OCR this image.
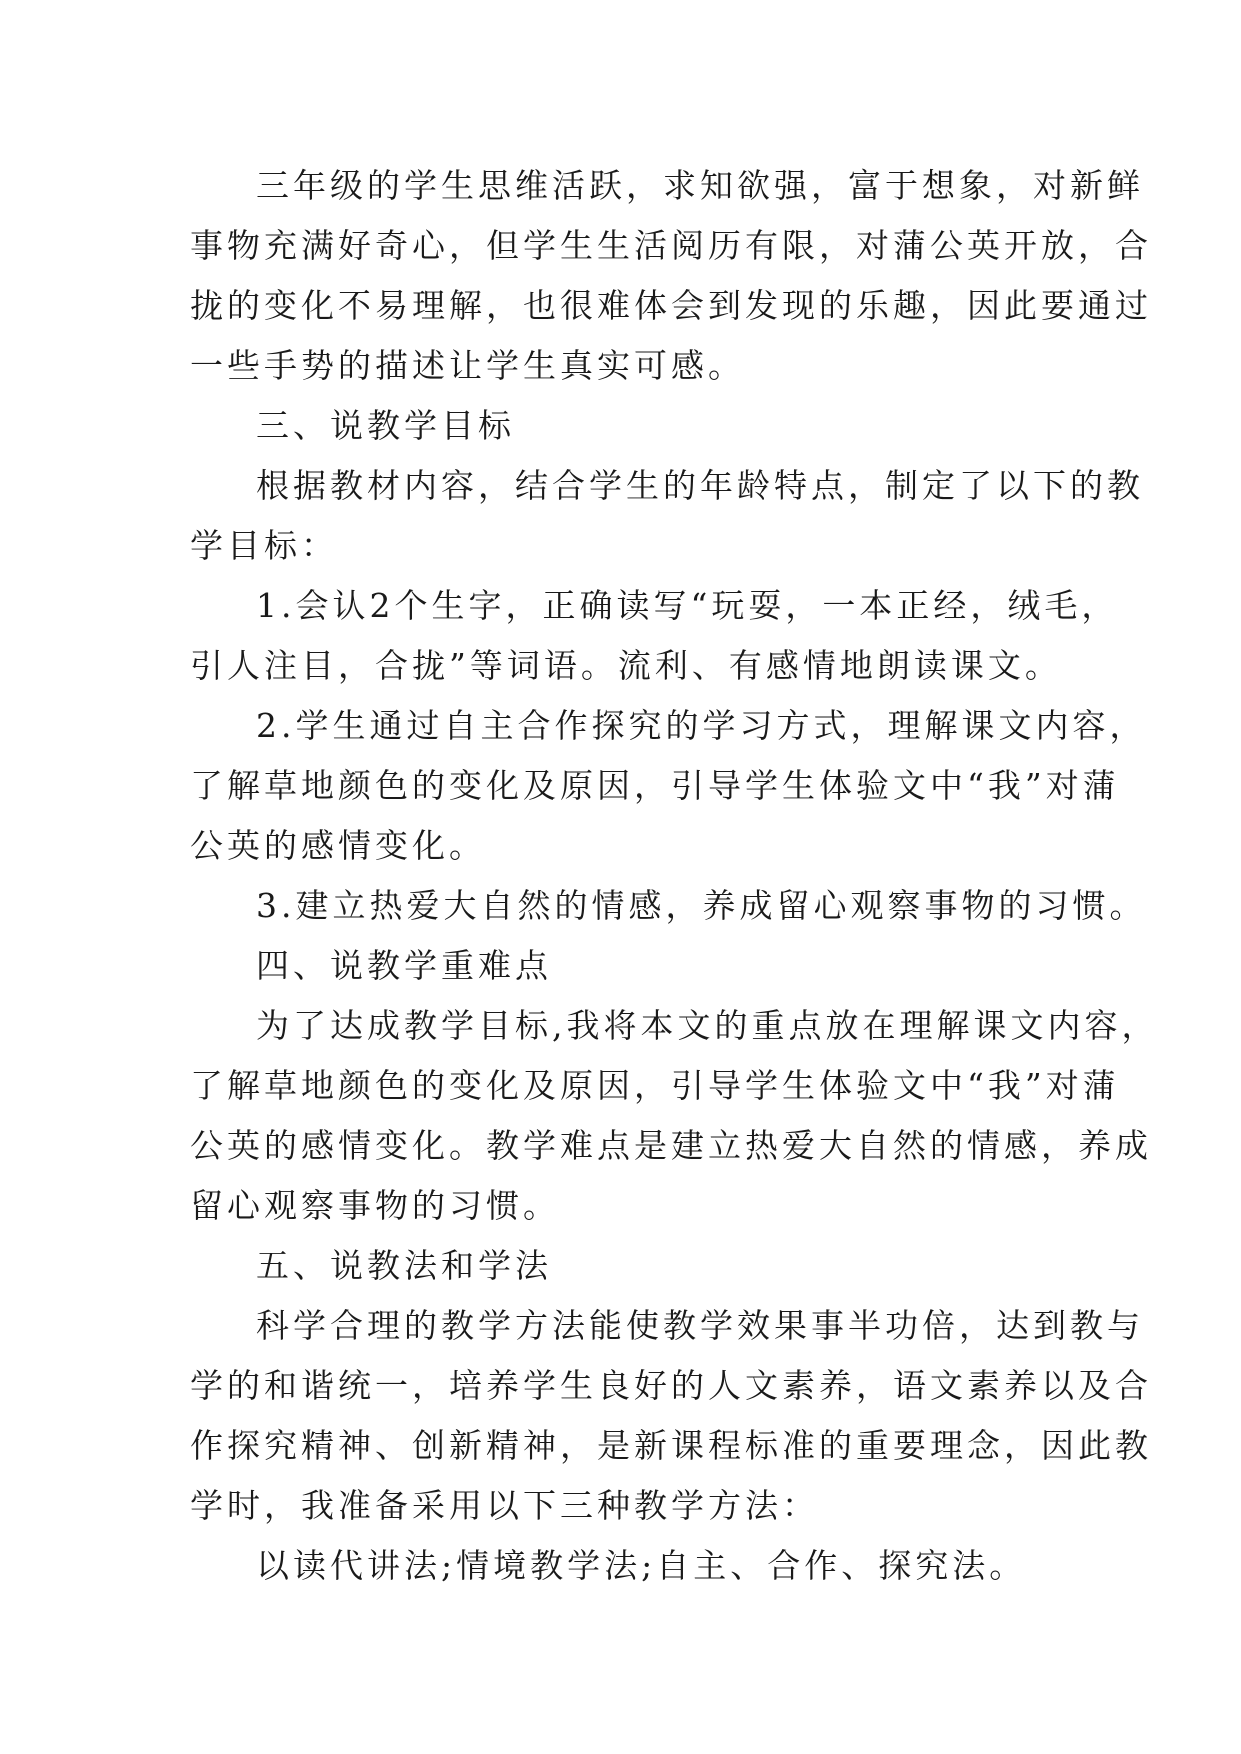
三年级的学生思维活跃，求知欲强，富于想象，对新鲜
事物充满好奇心，但学生生活阅历有限，对蒲公英开放，合
拢的变化不易理解，也很难体会到发现的乐趣，因此要通过
一些手势的描述让学生真实可感。
三、说教学目标
根据教材内容，结合学生的年龄特点，制定了以下的教
学目标：
1.会认2个生字，正确读写“玩耍，一本正经，绒毛，
引人注目，合拢”等词语。流利、有感情地朗读课文。
2.学生通过自主合作探究的学习方式，理解课文内容，
了解草地颜色的变化及原因，引导学生体验文中“我”对蒲
公英的感情变化。
3.建立热爱大自然的情感，养成留心观察事物的习惯。
四、说教学重难点
为了达成教学目标,我将本文的重点放在理解课文内容，
了解草地颜色的变化及原因，引导学生体验文中“我”对蒲
公英的感情变化。教学难点是建立热爱大自然的情感，养成
留心观察事物的习惯。
五、说教法和学法
科学合理的教学方法能使教学效果事半功倍，达到教与
学的和谐统一，培养学生良好的人文素养，语文素养以及合
作探究精神、创新精神，是新课程标准的重要理念，因此教
学时，我准备采用以下三种教学方法：
以读代讲法;情境教学法;自主、合作、探究法。
